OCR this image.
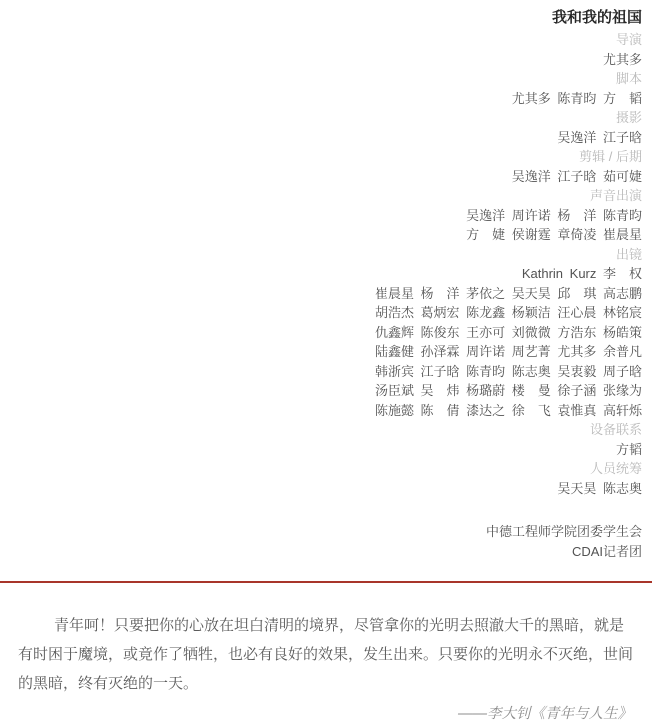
我和我的祖国
导演
尤其多
脚本
尤其多 陈青昀 方　韬
摄影
吴逸洋 江子晗
剪辑 / 后期
吴逸洋 江子晗 茹可婕
声音出演
吴逸洋 周许诺 杨　洋 陈青昀
方　婕 侯谢霆 章倚凌 崔晨星
出镜
Kathrin Kurz 李　权
崔晨星 杨　洋 茅依之 吴天昊 邱　琪 高志鹏
胡浩杰 葛炳宏 陈龙鑫 杨颖洁 汪心晨 林铭宸
仇鑫辉 陈俊东 王亦可 刘微微 方浩东 杨皓策
陆鑫健 孙泽霖 周许诺 周艺菁 尤其多 余普凡
韩浙宾 江子晗 陈青昀 陈志奥 吴衷毅 周子晗
汤臣斌 吴　炜 杨璐蔚 楼　曼 徐子涵 张缘为
陈施懿 陈　倩 漆达之 徐　飞 袁惟真 高轩烁
设备联系
方韬
人员统筹
吴天昊 陈志奥
中德工程师学院团委学生会
CDAI记者团
青年呵！只要把你的心放在坦白清明的境界，尽管拿你的光明去照澈大千的黑暗，就是
有时困于魔境，或竟作了牺牲，也必有良好的效果，发生出来。只要你的光明永不灭绝，世间
的黑暗，终有灭绝的一天。
——李大钊《青年与人生》
